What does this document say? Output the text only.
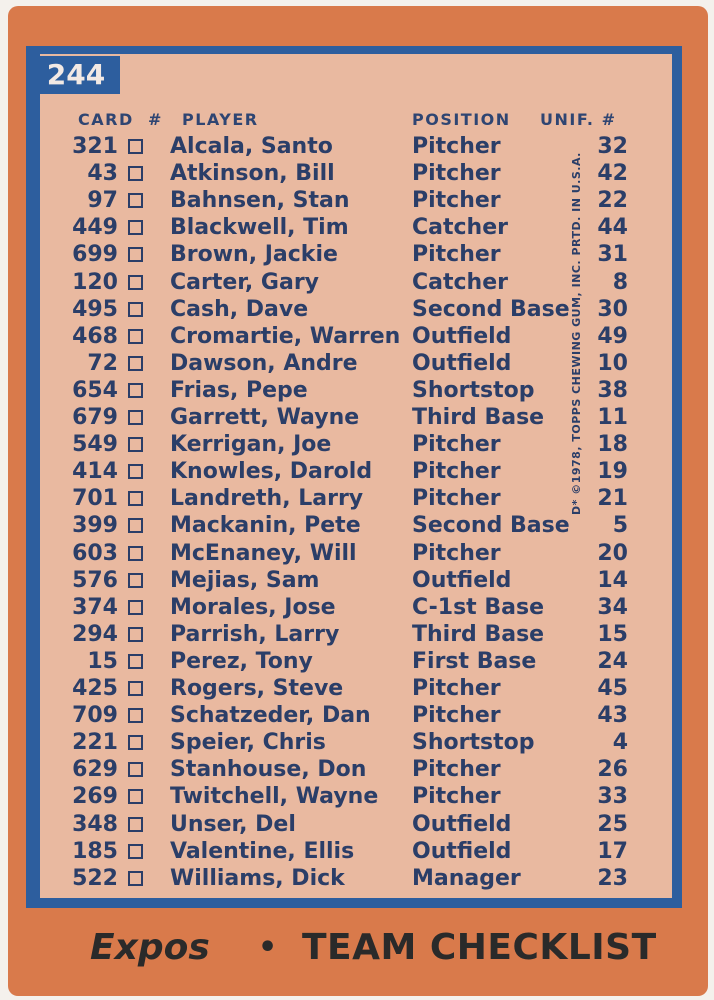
244
CARD # PLAYER	POSITION UNIF. #
321 Alcala, Santo	Pitcher	32
43 Atkinson, Bill	Pitcher	42
97 Bahnsen, Stan	Pitcher	22
449 Blackwell, Tim	Catcher	44
699 Brown, Jackie	Pitcher	31
120 Carter, Gary	Catcher	8
495 Cash, Dave	Second Base	30
468 Cromartie, Warren Outfield	49
72 Dawson, Andre Outfield	10
654 Frias, Pepe	Shortstop	38
679 Garrett, Wayne Third Base	11
549 Kerrigan, Joe	Pitcher	18
414 Knowles, Darold Pitcher	19
701 Landreth, Larry Pitcher	21
399 Mackanin, Pete Second Base	5
603 McEnaney, Will	Pitcher	20
576 Mejias, Sam	Outfield	14
374 Morales, Jose	C-1st Base	34
294 Parrish, Larry	Third Base	15
15 Perez, Tony	First Base	24
425 Rogers, Steve	Pitcher	45
709 Schatzeder, Dan Pitcher	43
221 Speier, Chris	Shortstop	4
629 Stanhouse, Don Pitcher	26
269 Twitchell, Wayne Pitcher	33
348 Unser, Del	Outfield	25
185 Valentine, Ellis	Outfield	17
522 Williams, Dick	Manager	23
D* ©1978, TOPPS CHEWING GUM, INC. PRTD. IN U.S.A.
Expos • TEAM CHECKLIST
